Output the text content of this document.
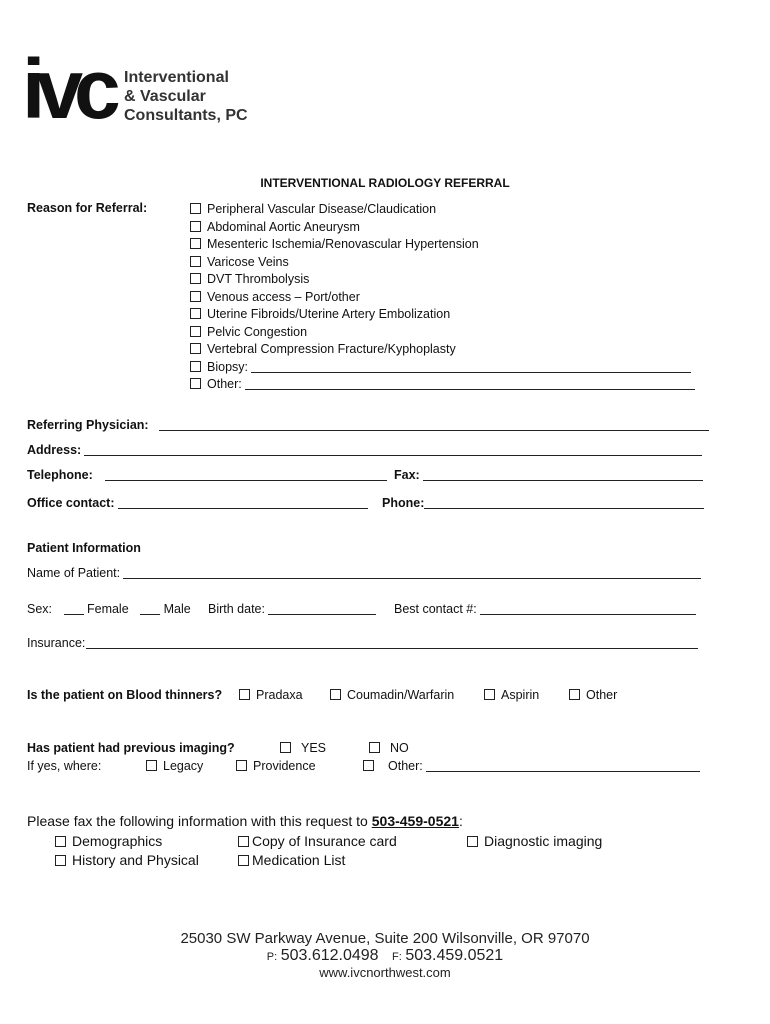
ivc Interventional
& Vascular
Consultants, PC
INTERVENTIONAL RADIOLOGY REFERRAL
Reason for Referral:	Peripheral Vascular Disease/Claudication
Abdominal Aortic Aneurysm
Mesenteric Ischemia/Renovascular Hypertension
Varicose Veins
DVT Thrombolysis
Venous access – Port/other
Uterine Fibroids/Uterine Artery Embolization
Pelvic Congestion
Vertebral Compression Fracture/Kyphoplasty
Biopsy:
Other:
Referring Physician:
Address:
Telephone:	Fax:
Office contact:	Phone:
Patient Information
Name of Patient:
Sex:	Female	Male Birth date:	Best contact #:
Insurance:
Is the patient on Blood thinners?	Pradaxa	Coumadin/Warfarin	Aspirin	Other
Has patient had previous imaging?	YES	NO
If yes, where:	Legacy	Providence	Other:
Please fax the following information with this request to 503-459-0521:
Demographics	Copy of Insurance card	Diagnostic imaging
History and Physical	Medication List
25030 SW Parkway Avenue, Suite 200 Wilsonville, OR 97070
P: 503.612.0498 F: 503.459.0521
www.ivcnorthwest.com
